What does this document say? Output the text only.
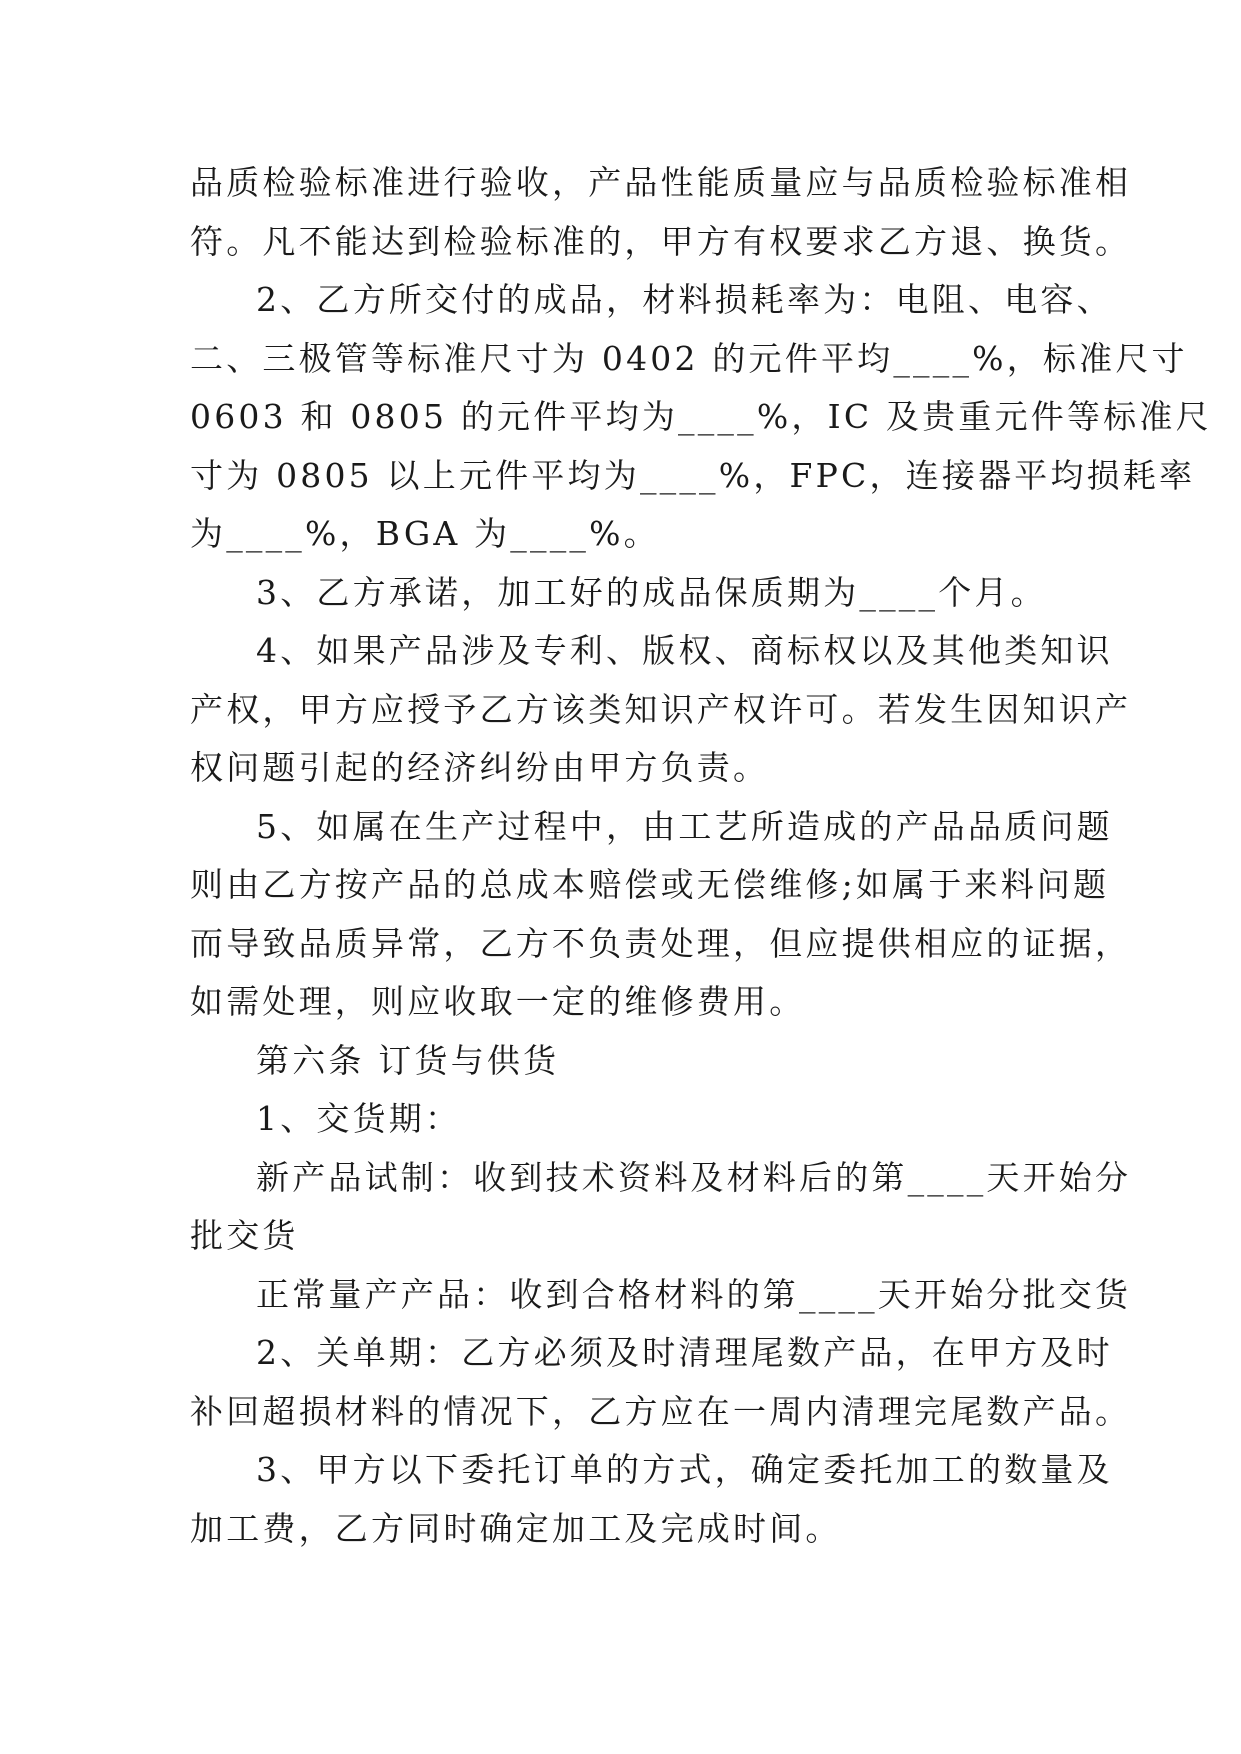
品质检验标准进行验收，产品性能质量应与品质检验标准相
符。凡不能达到检验标准的，甲方有权要求乙方退、换货。
2、乙方所交付的成品，材料损耗率为：电阻、电容、
二、三极管等标准尺寸为 0402 的元件平均____%，标准尺寸
0603 和 0805 的元件平均为____%，IC 及贵重元件等标准尺
寸为 0805 以上元件平均为____%，FPC，连接器平均损耗率
为____%，BGA 为____%。
3、乙方承诺，加工好的成品保质期为____个月。
4、如果产品涉及专利、版权、商标权以及其他类知识
产权，甲方应授予乙方该类知识产权许可。若发生因知识产
权问题引起的经济纠纷由甲方负责。
5、如属在生产过程中，由工艺所造成的产品品质问题
则由乙方按产品的总成本赔偿或无偿维修;如属于来料问题
而导致品质异常，乙方不负责处理，但应提供相应的证据，
如需处理，则应收取一定的维修费用。
第六条 订货与供货
1、交货期：
新产品试制：收到技术资料及材料后的第____天开始分
批交货
正常量产产品：收到合格材料的第____天开始分批交货
2、关单期：乙方必须及时清理尾数产品，在甲方及时
补回超损材料的情况下，乙方应在一周内清理完尾数产品。
3、甲方以下委托订单的方式，确定委托加工的数量及
加工费，乙方同时确定加工及完成时间。
